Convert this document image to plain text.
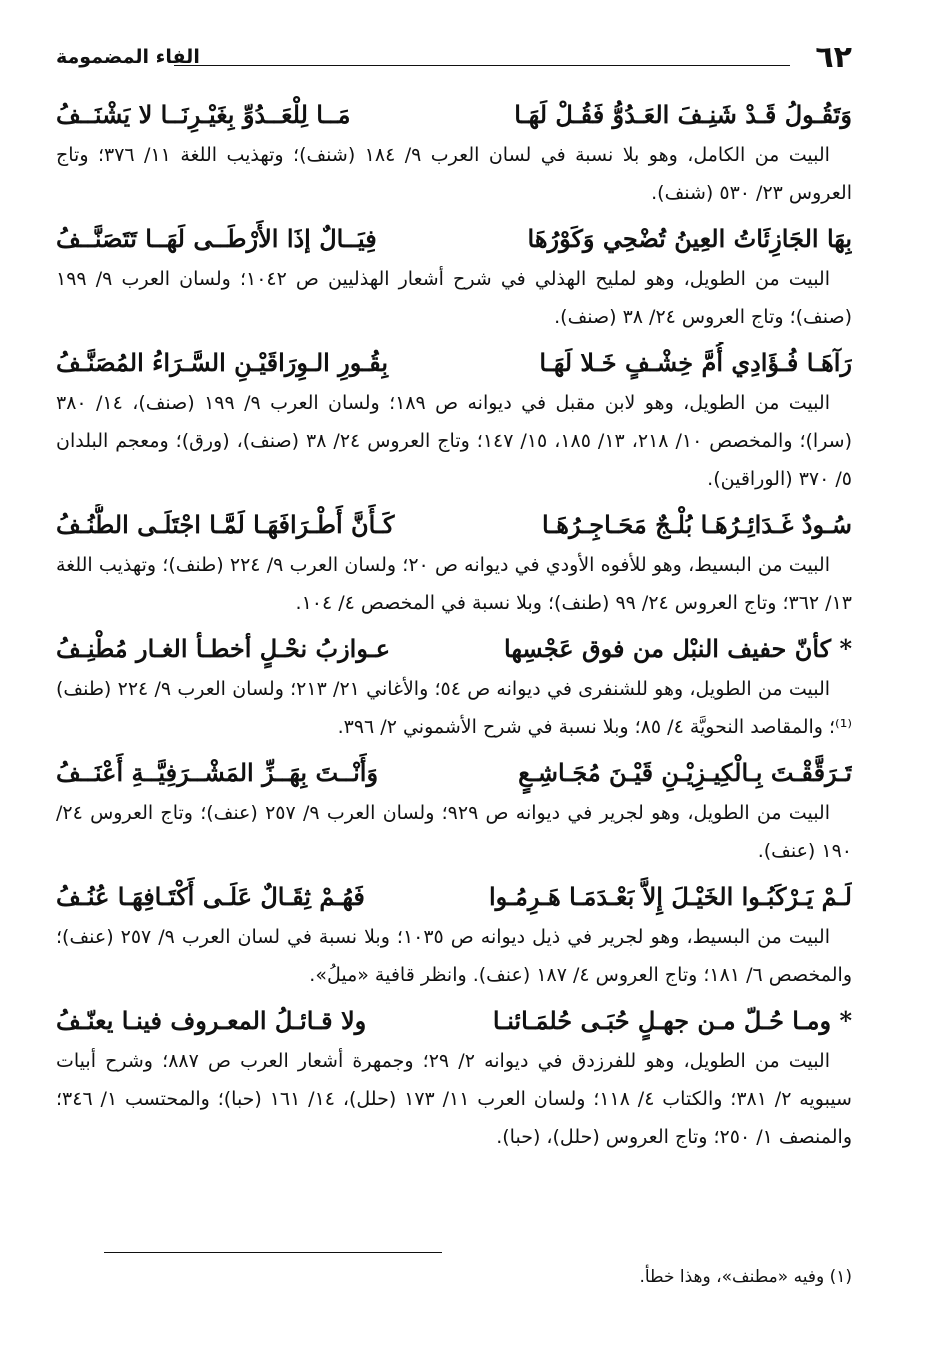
٦٢
الفاء المضمومة
وَتَقُـولُ قَـدْ شَنِـفَ العَـدُوُّ فَقُـلْ لَهَـا
مَــا لِلْعَــدُوِّ بِغَيْـرِنَــا لا يَشْنَــفُ

البيت من الكامل، وهو بلا نسبة في لسان العرب ٩/ ١٨٤ (شنف)؛ وتهذيب اللغة ١١/ ٣٧٦؛ وتاج العروس ٢٣/ ٥٣٠ (شنف).

بِهَا الجَازِئَاتُ العِينُ تُضْحِي وَكَوْرُهَا
فِيَــالٌ إذَا الأَرْطَــى لَهَــا تَتَصَنَّــفُ

البيت من الطويل، وهو لمليح الهذلي في شرح أشعار الهذليين ص ١٠٤٢؛ ولسان العرب ٩/ ١٩٩ (صنف)؛ وتاج العروس ٢٤/ ٣٨ (صنف).

رَآهَـا فُـؤَادِي أُمَّ خِشْـفٍ خَـلا لَهَـا
بِقُـورِ الـوِرَاقَيْـنِ السَّـرَاءُ المُصَنَّـفُ

البيت من الطويل، وهو لابن مقبل في ديوانه ص ١٨٩؛ ولسان العرب ٩/ ١٩٩ (صنف)، ١٤/ ٣٨٠ (سرا)؛ والمخصص ١٠/ ٢١٨، ١٣/ ١٨٥، ١٥/ ١٤٧؛ وتاج العروس ٢٤/ ٣٨ (صنف)، (ورق)؛ ومعجم البلدان ٥/ ٣٧٠ (الوراقين).

سُـودٌ غَـدَائِـرُهَـا بُلْـجٌ مَحَـاجِـرُهَـا
كَـأَنَّ أَطْـرَافَهَـا لَمَّـا اجْتَلَـى الطُّنُـفُ

البيت من البسيط، وهو للأفوه الأودي في ديوانه ص ٢٠؛ ولسان العرب ٩/ ٢٢٤ (طنف)؛ وتهذيب اللغة ١٣/ ٣٦٢؛ وتاج العروس ٢٤/ ٩٩ (طنف)؛ وبلا نسبة في المخصص ٤/ ١٠٤.

* كأنّ حفيف النبْل من فوق عَجْسِها
عـوازبُ نحْـلٍ أخطـأ الغـار مُطْنِـفُ

البيت من الطويل، وهو للشنفرى في ديوانه ص ٥٤؛ والأغاني ٢١/ ٢١٣؛ ولسان العرب ٩/ ٢٢٤ (طنف)⁽¹⁾؛ والمقاصد النحويَّة ٤/ ٨٥؛ وبلا نسبة في شرح الأشموني ٢/ ٣٩٦.

تَـرَقَّقْـتَ بِـالْكِيـزِيْـنِ قَيْـنَ مُجَـاشِـعٍ
وَأَنْــتَ بِهَــزِّ المَشْــرَفِيَّــةِ أَعْنَــفُ

البيت من الطويل، وهو لجرير في ديوانه ص ٩٢٩؛ ولسان العرب ٩/ ٢٥٧ (عنف)؛ وتاج العروس ٢٤/ ١٩٠ (عنف).

لَـمْ يَـرْكَبُـوا الخَيْـلَ إِلاَّ بَعْـدَمَـا هَـرِمُـوا
فَهُـمْ ثِقَـالٌ عَلَـى أَكْتَـافِهَـا عُنُـفُ

البيت من البسيط، وهو لجرير في ذيل ديوانه ص ١٠٣٥؛ وبلا نسبة في لسان العرب ٩/ ٢٥٧ (عنف)؛ والمخصص ٦/ ١٨١؛ وتاج العروس ٤/ ١٨٧ (عنف). وانظر قافية «ميلُ».

* ومـا حُـلّ مـن جهـلٍ حُبَـى حُلمَـائنـا
ولا قـائـلُ المعـروف فينـا يعنّـفُ

البيت من الطويل، وهو للفرزدق في ديوانه ٢/ ٢٩؛ وجمهرة أشعار العرب ص ٨٨٧؛ وشرح أبيات سيبويه ٢/ ٣٨١؛ والكتاب ٤/ ١١٨؛ ولسان العرب ١١/ ١٧٣ (حلل)، ١٤/ ١٦١ (حبا)؛ والمحتسب ١/ ٣٤٦؛ والمنصف ١/ ٢٥٠؛ وتاج العروس (حلل)، (حبا).

(١) وفيه «مطنف»، وهذا خطأ.
